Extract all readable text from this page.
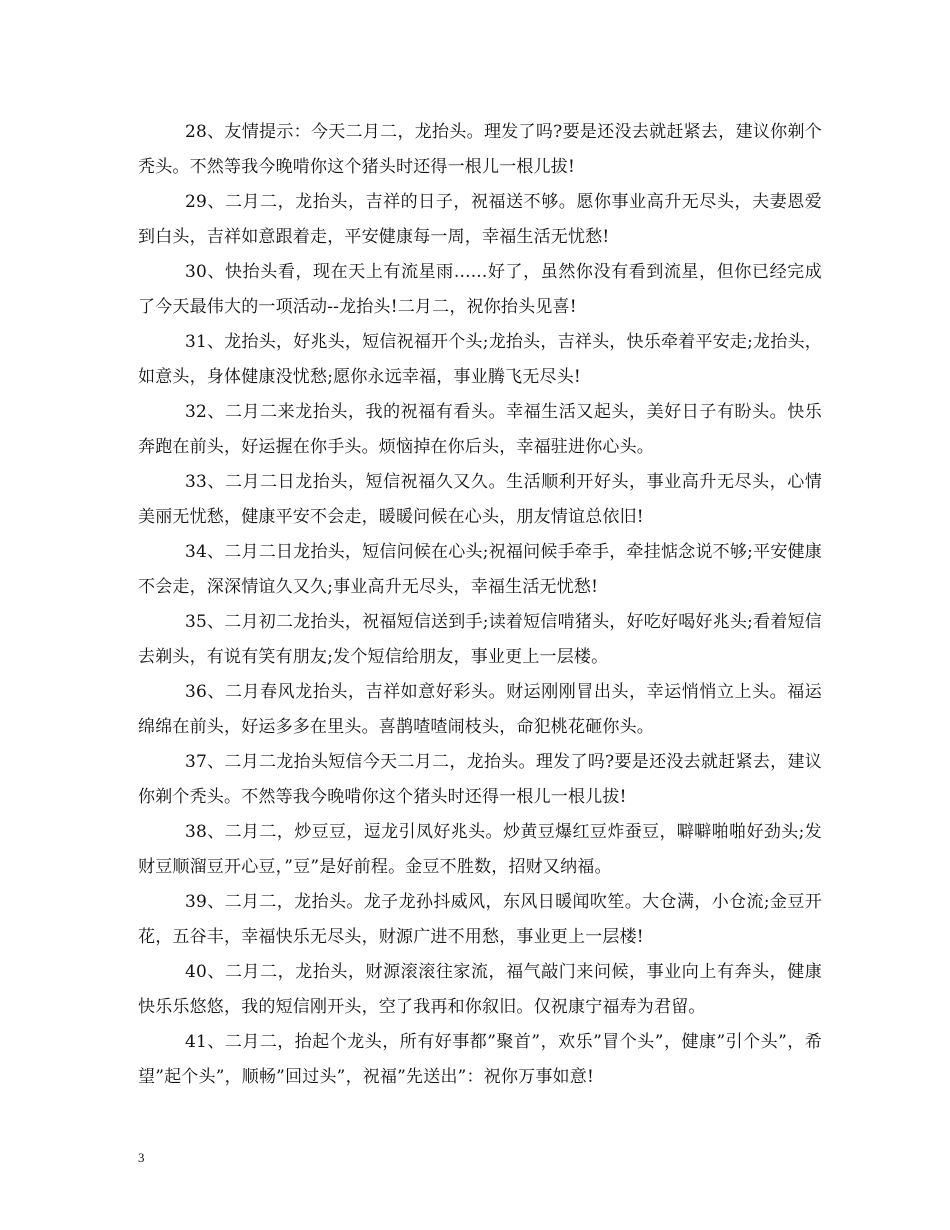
28、友情提示：今天二月二，龙抬头。理发了吗?要是还没去就赶紧去，建议你剃个秃头。不然等我今晚啃你这个猪头时还得一根儿一根儿拔!

29、二月二，龙抬头，吉祥的日子，祝福送不够。愿你事业高升无尽头，夫妻恩爱到白头，吉祥如意跟着走，平安健康每一周，幸福生活无忧愁!

30、快抬头看，现在天上有流星雨......好了，虽然你没有看到流星，但你已经完成了今天最伟大的一项活动--龙抬头!二月二，祝你抬头见喜!

31、龙抬头，好兆头，短信祝福开个头;龙抬头，吉祥头，快乐牵着平安走;龙抬头，如意头，身体健康没忧愁;愿你永远幸福，事业腾飞无尽头!

32、二月二来龙抬头，我的祝福有看头。幸福生活又起头，美好日子有盼头。快乐奔跑在前头，好运握在你手头。烦恼掉在你后头，幸福驻进你心头。

33、二月二日龙抬头，短信祝福久又久。生活顺利开好头，事业高升无尽头，心情美丽无忧愁，健康平安不会走，暖暖问候在心头，朋友情谊总依旧!

34、二月二日龙抬头，短信问候在心头;祝福问候手牵手，牵挂惦念说不够;平安健康不会走，深深情谊久又久;事业高升无尽头，幸福生活无忧愁!

35、二月初二龙抬头，祝福短信送到手;读着短信啃猪头，好吃好喝好兆头;看着短信去剃头，有说有笑有朋友;发个短信给朋友，事业更上一层楼。

36、二月春风龙抬头，吉祥如意好彩头。财运刚刚冒出头，幸运悄悄立上头。福运绵绵在前头，好运多多在里头。喜鹊喳喳闹枝头，命犯桃花砸你头。

37、二月二龙抬头短信今天二月二，龙抬头。理发了吗?要是还没去就赶紧去，建议你剃个秃头。不然等我今晚啃你这个猪头时还得一根儿一根儿拔!

38、二月二，炒豆豆，逗龙引凤好兆头。炒黄豆爆红豆炸蚕豆，噼噼啪啪好劲头;发财豆顺溜豆开心豆，”豆”是好前程。金豆不胜数，招财又纳福。

39、二月二，龙抬头。龙子龙孙抖威风，东风日暖闻吹笙。大仓满，小仓流;金豆开花，五谷丰，幸福快乐无尽头，财源广进不用愁，事业更上一层楼!

40、二月二，龙抬头，财源滚滚往家流，福气敲门来问候，事业向上有奔头，健康快乐乐悠悠，我的短信刚开头，空了我再和你叙旧。仅祝康宁福寿为君留。

41、二月二，抬起个龙头，所有好事都”聚首”，欢乐”冒个头”，健康”引个头”，希望”起个头”，顺畅”回过头”，祝福”先送出”：祝你万事如意!

3
